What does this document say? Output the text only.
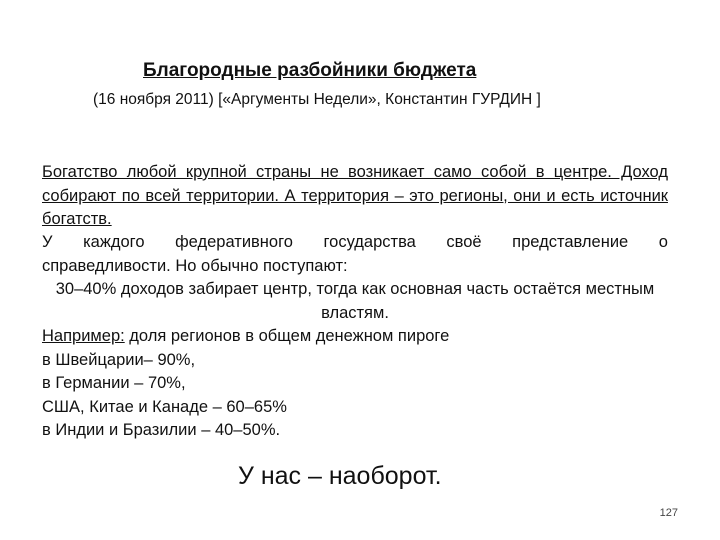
Благородные разбойники бюджета
(16 ноября 2011) [«Аргументы Недели», Константин ГУРДИН ]
Богатство любой крупной страны не возникает само собой в центре. Доход собирают по всей территории. А территория – это регионы, они и есть источник богатств.
У каждого федеративного государства своё представление о
справедливости. Но обычно поступают:
30–40% доходов забирает центр, тогда как основная часть остаётся местным властям.
Например: доля регионов в общем денежном пироге
в Швейцарии– 90%,
в Германии – 70%,
США, Китае и Канаде – 60–65%
в Индии и Бразилии – 40–50%.
У нас – наоборот.
127
